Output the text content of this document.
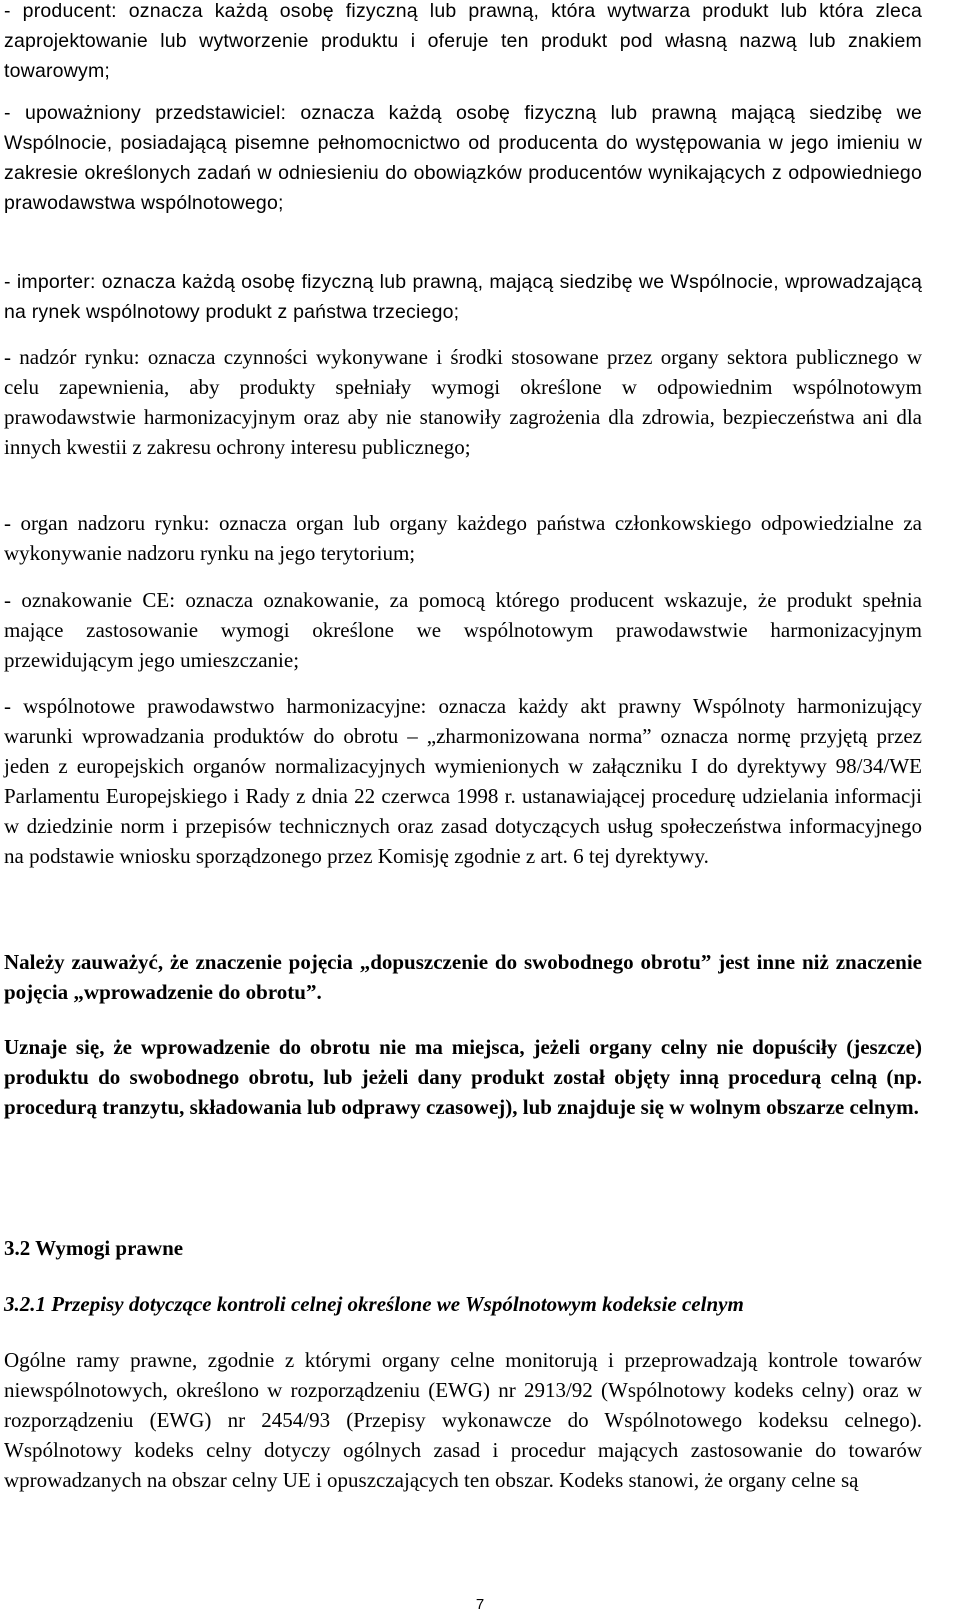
- producent: oznacza każdą osobę fizyczną lub prawną, która wytwarza produkt lub która zleca zaprojektowanie lub wytworzenie produktu i oferuje ten produkt pod własną nazwą lub znakiem towarowym;

- upoważniony przedstawiciel: oznacza każdą osobę fizyczną lub prawną mającą siedzibę we Wspólnocie, posiadającą pisemne pełnomocnictwo od producenta do występowania w jego imieniu w zakresie określonych zadań w odniesieniu do obowiązków producentów wynikających z odpowiedniego prawodawstwa wspólnotowego;

- importer: oznacza każdą osobę fizyczną lub prawną, mającą siedzibę we Wspólnocie, wprowadzającą na rynek wspólnotowy produkt z państwa trzeciego;

- nadzór rynku: oznacza czynności wykonywane i środki stosowane przez organy sektora publicznego w celu zapewnienia, aby produkty spełniały wymogi określone w odpowiednim wspólnotowym prawodawstwie harmonizacyjnym oraz aby nie stanowiły zagrożenia dla zdrowia, bezpieczeństwa ani dla innych kwestii z zakresu ochrony interesu publicznego;

- organ nadzoru rynku: oznacza organ lub organy każdego państwa członkowskiego odpowiedzialne za wykonywanie nadzoru rynku na jego terytorium;

- oznakowanie CE: oznacza oznakowanie, za pomocą którego producent wskazuje, że produkt spełnia mające zastosowanie wymogi określone we wspólnotowym prawodawstwie harmonizacyjnym przewidującym jego umieszczanie;

- wspólnotowe prawodawstwo harmonizacyjne: oznacza każdy akt prawny Wspólnoty harmonizujący warunki wprowadzania produktów do obrotu – „zharmonizowana norma” oznacza normę przyjętą przez jeden z europejskich organów normalizacyjnych wymienionych w załączniku I do dyrektywy 98/34/WE Parlamentu Europejskiego i Rady z dnia 22 czerwca 1998 r. ustanawiającej procedurę udzielania informacji w dziedzinie norm i przepisów technicznych oraz zasad dotyczących usług społeczeństwa informacyjnego na podstawie wniosku sporządzonego przez Komisję zgodnie z art. 6 tej dyrektywy.

Należy zauważyć, że znaczenie pojęcia „dopuszczenie do swobodnego obrotu” jest inne niż znaczenie pojęcia „wprowadzenie do obrotu”.

Uznaje się, że wprowadzenie do obrotu nie ma miejsca, jeżeli organy celny nie dopuściły (jeszcze) produktu do swobodnego obrotu, lub jeżeli dany produkt został objęty inną procedurą celną (np. procedurą tranzytu, składowania lub odprawy czasowej), lub znajduje się w wolnym obszarze celnym.

3.2 Wymogi prawne
3.2.1 Przepisy dotyczące kontroli celnej określone we Wspólnotowym kodeksie celnym

Ogólne ramy prawne, zgodnie z którymi organy celne monitorują i przeprowadzają kontrole towarów niewspólnotowych, określono w rozporządzeniu (EWG) nr 2913/92 (Wspólnotowy kodeks celny) oraz w rozporządzeniu (EWG) nr 2454/93 (Przepisy wykonawcze do Wspólnotowego kodeksu celnego). Wspólnotowy kodeks celny dotyczy ogólnych zasad i procedur mających zastosowanie do towarów wprowadzanych na obszar celny UE i opuszczających ten obszar. Kodeks stanowi, że organy celne są

7
